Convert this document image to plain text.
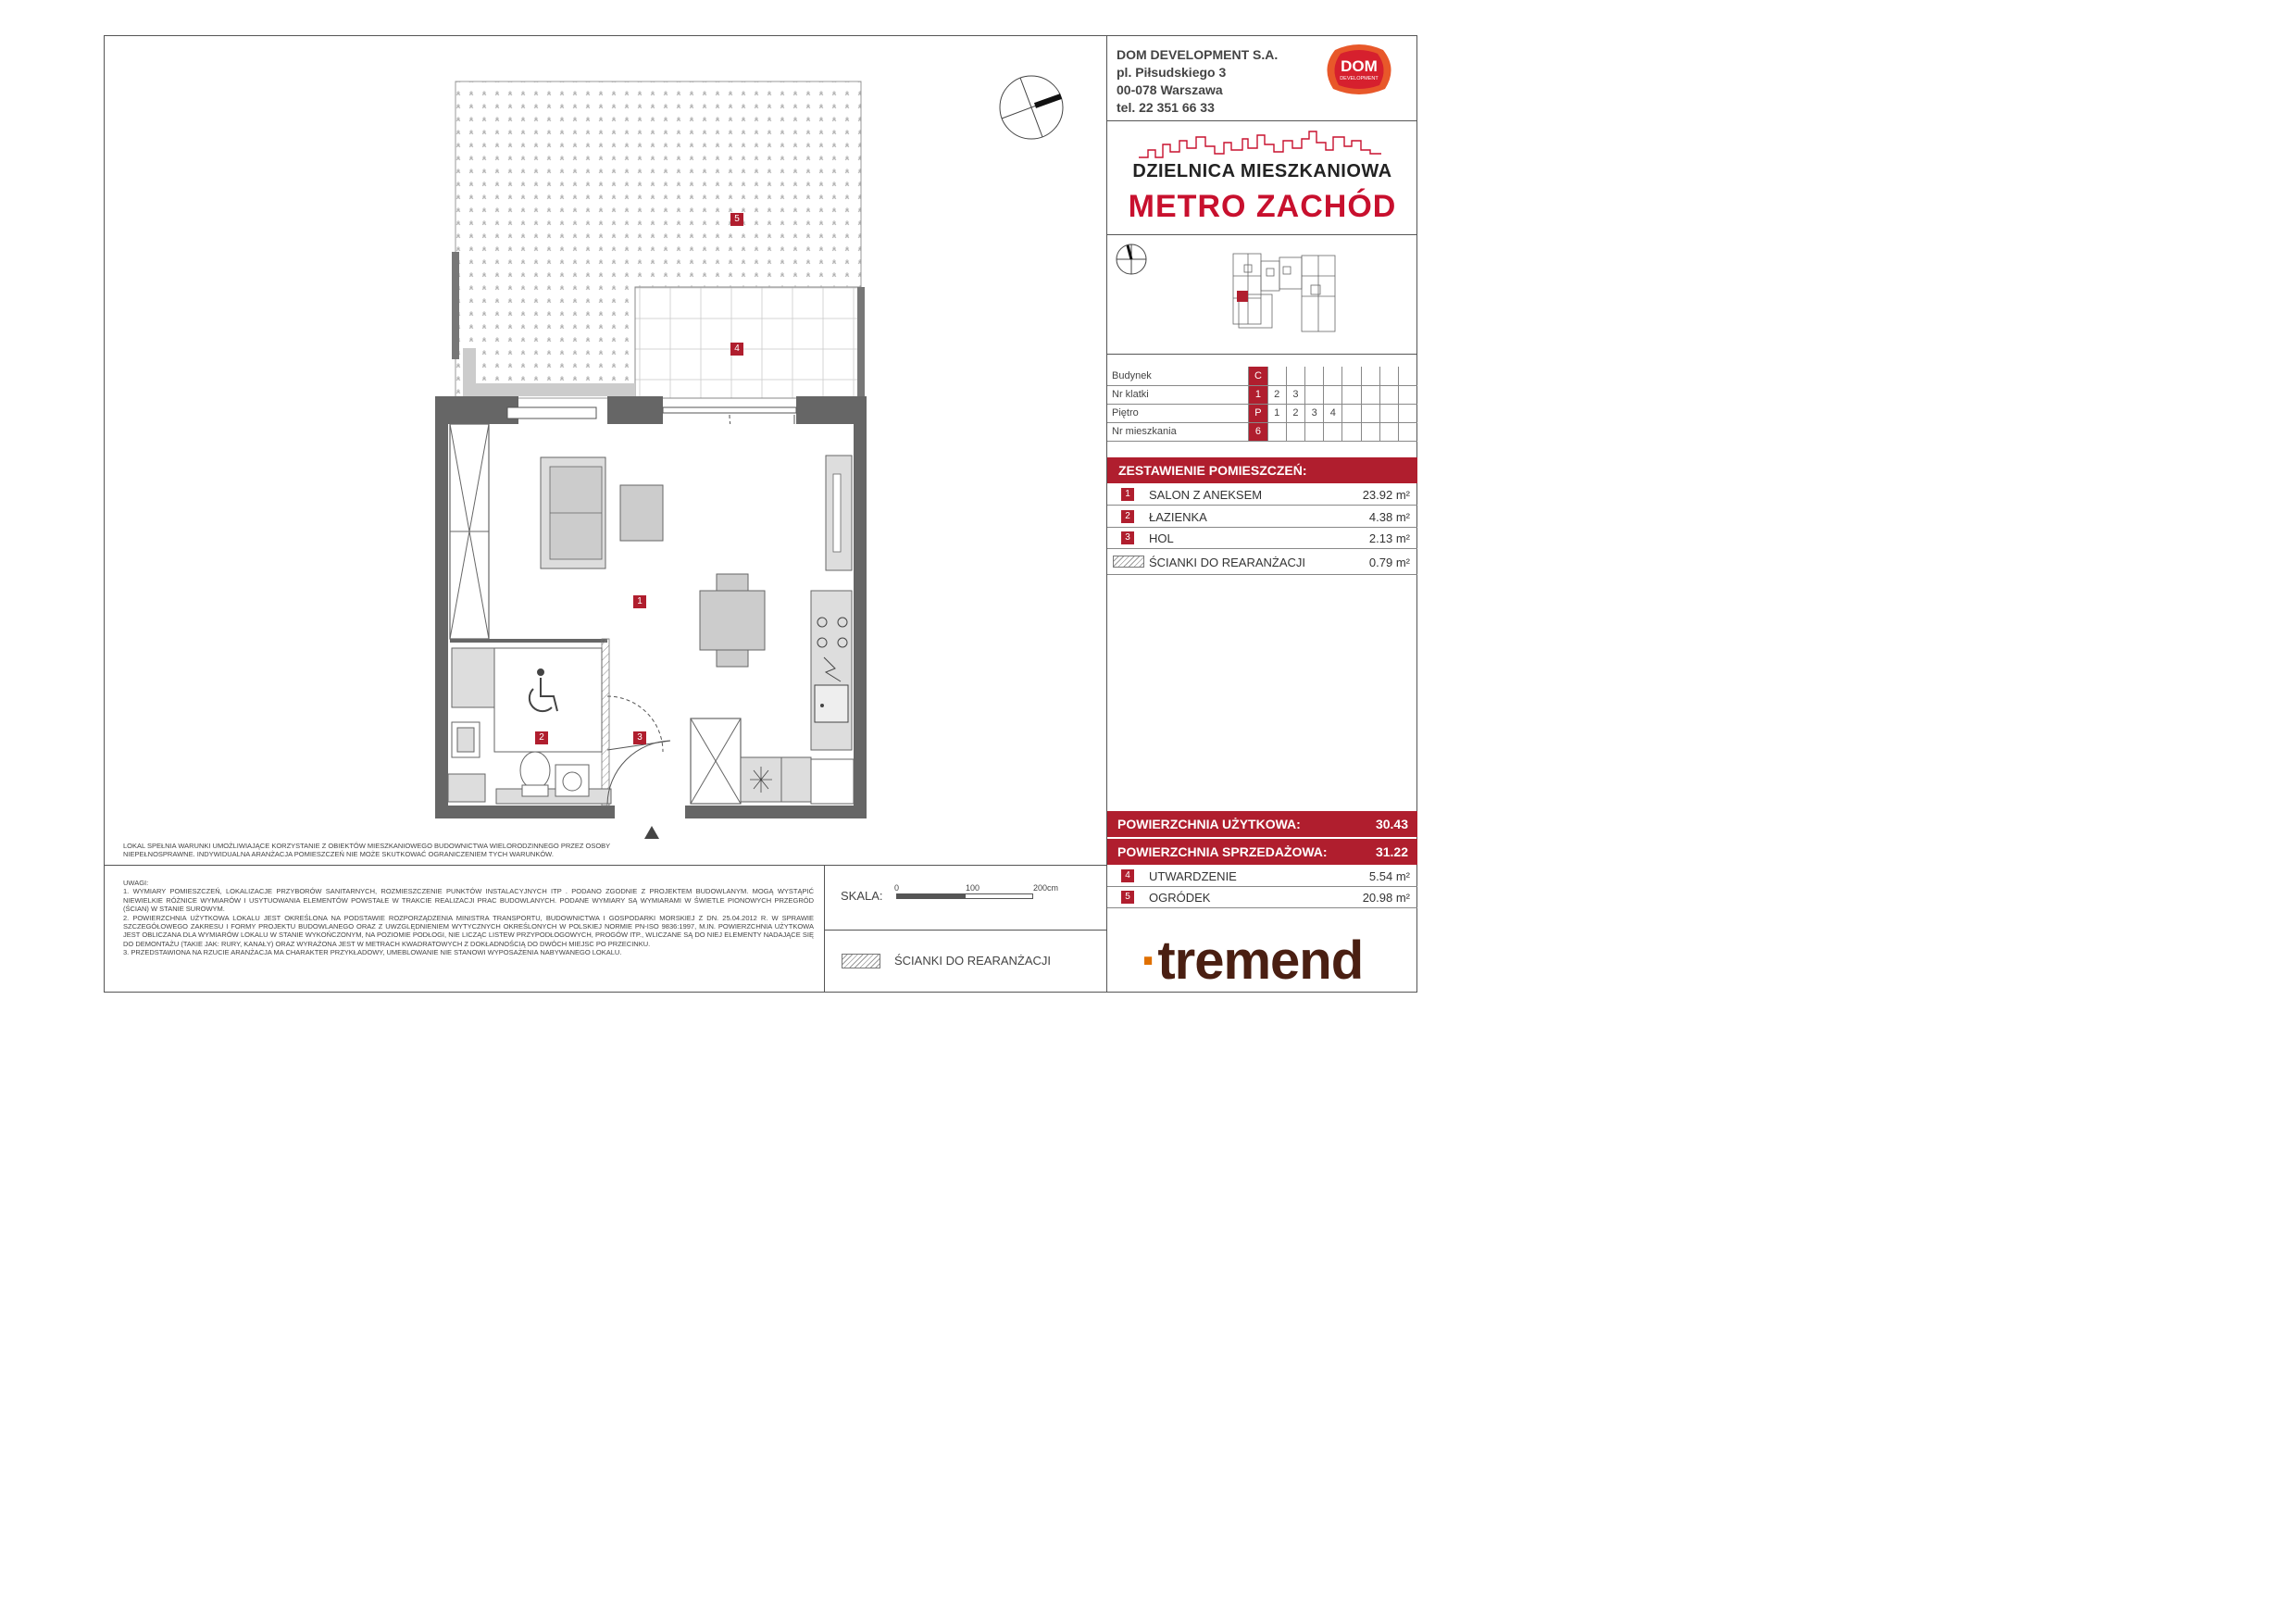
DOM DEVELOPMENT S.A.
pl. Piłsudskiego 3
00-078 Warszawa
tel. 22 351 66 33
DOM
DEVELOPMENT
DZIELNICA MIESZKANIOWA
METRO ZACHÓD
Budynek	C								
Nr klatki	1	2	3						
Piętro	P	1	2	3	4				
Nr mieszkania	6								
ZESTAWIENIE POMIESZCZEŃ:
1	SALON Z ANEKSEM	23.92 m²
2	ŁAZIENKA	4.38 m²
3	HOL	2.13 m²
ŚCIANKI DO REARANŻACJI	0.79 m²
POWIERZCHNIA UŻYTKOWA:	30.43
POWIERZCHNIA SPRZEDAŻOWA:	31.22
4	UTWARDZENIE	5.54 m²
5	OGRÓDEK	20.98 m²
·tremend
5
4
1
2	3
LOKAL SPEŁNIA WARUNKI UMOŻLIWIAJĄCE KORZYSTANIE Z OBIEKTÓW MIESZKANIOWEGO BUDOWNICTWA WIELORODZINNEGO PRZEZ OSOBY NIEPEŁNOSPRAWNE. INDYWIDUALNA ARANŻACJA POMIESZCZEŃ NIE MOŻE SKUTKOWAĆ OGRANICZENIEM TYCH WARUNKÓW.
UWAGI:
1. WYMIARY POMIESZCZEŃ, LOKALIZACJE PRZYBORÓW SANITARNYCH, ROZMIESZCZENIE PUNKTÓW INSTALACYJNYCH ITP . PODANO ZGODNIE Z PROJEKTEM BUDOWLANYM. MOGĄ WYSTĄPIĆ NIEWIELKIE RÓŻNICE WYMIARÓW I USYTUOWANIA ELEMENTÓW POWSTAŁE W TRAKCIE REALIZACJI PRAC BUDOWLANYCH. PODANE WYMIARY SĄ WYMIARAMI W ŚWIETLE PIONOWYCH PRZEGRÓD (ŚCIAN) W STANIE SUROWYM.
2. POWIERZCHNIA UŻYTKOWA LOKALU JEST OKREŚLONA NA PODSTAWIE ROZPORZĄDZENIA MINISTRA TRANSPORTU, BUDOWNICTWA I GOSPODARKI MORSKIEJ Z DN. 25.04.2012 R. W SPRAWIE SZCZEGÓŁOWEGO ZAKRESU I FORMY PROJEKTU BUDOWLANEGO ORAZ Z UWZGLĘDNIENIEM WYTYCZNYCH OKREŚLONYCH W POLSKIEJ NORMIE PN-ISO 9836:1997, M.IN. POWIERZCHNIA UŻYTKOWA JEST OBLICZANA DLA WYMIARÓW LOKALU W STANIE WYKOŃCZONYM, NA POZIOMIE PODŁOGI, NIE LICZĄC LISTEW PRZYPODŁOGOWYCH, PROGÓW ITP., WLICZANE SĄ DO NIEJ ELEMENTY NADAJĄCE SIĘ DO DEMONTAŻU (TAKIE JAK: RURY, KANAŁY) ORAZ WYRAŻONA JEST W METRACH KWADRATOWYCH Z DOKŁADNOŚCIĄ DO DWÓCH MIEJSC PO PRZECINKU.
3. PRZEDSTAWIONA NA RZUCIE ARANŻACJA MA CHARAKTER PRZYKŁADOWY, UMEBLOWANIE NIE STANOWI WYPOSAŻENIA NABYWANEGO LOKALU.
SKALA:
0	100	200cm
ŚCIANKI DO REARANŻACJI
